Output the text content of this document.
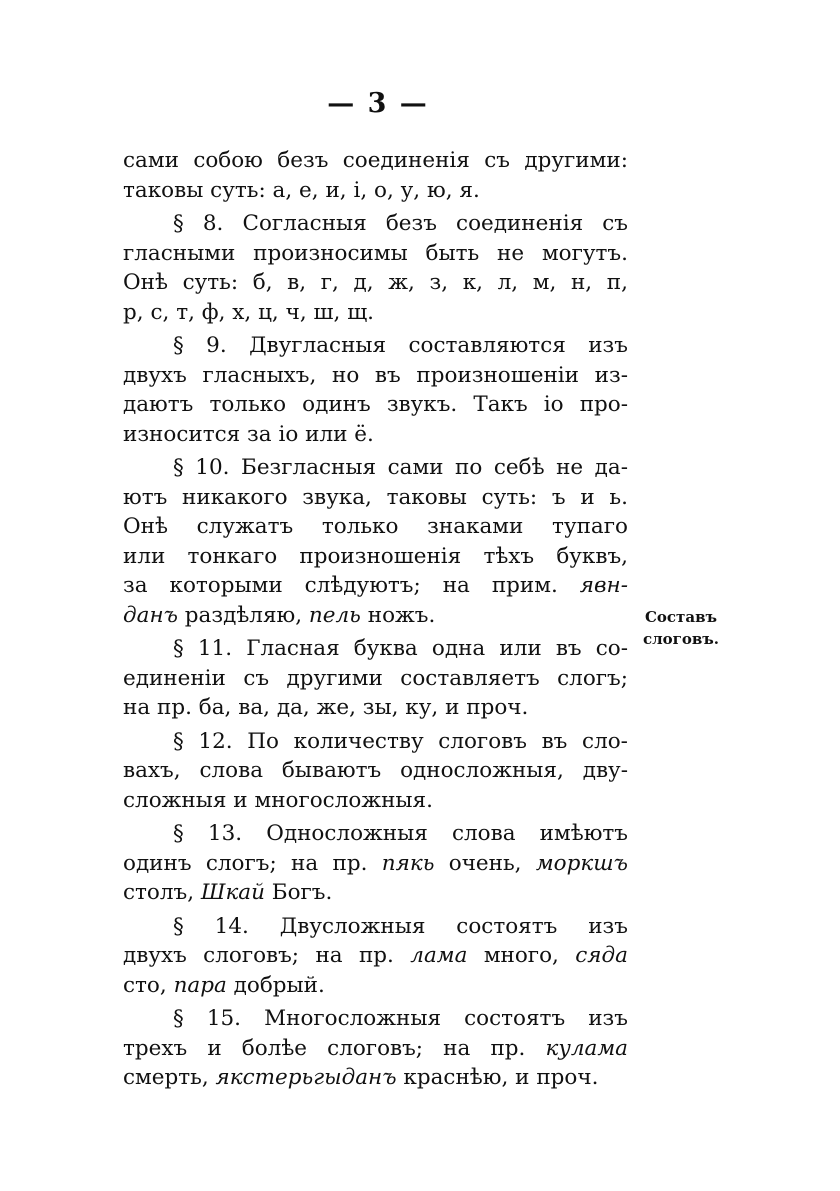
— 3 —
сами собою безъ соединенія съ другими:
таковы
суть:
а,
е,
и,
і,
о,
у,
ю,
я.
§ 8. Согласныя безъ соединенія съ
гласными произносимы быть не могутъ.
Онѣ суть: б, в, г, д, ж, з, к, л, м, н, п,
р,
с,
т,
ф,
х,
ц,
ч,
ш,
щ.
§ 9. Двугласныя составляются изъ
двухъ гласныхъ, но въ произношеніи из-
даютъ только одинъ звукъ. Такъ іо про-
износится
за
іо
или
ё.
§ 10. Безгласныя сами по себѣ не да-
ютъ никакого звука, таковы суть: ъ и ь.
Онѣ служатъ только знаками тупаго
или тонкаго произношенія тѣхъ буквъ,
за которыми слѣдуютъ; на прим. явн-
данъ
раздѣляю,
пель
ножъ.
§ 11. Гласная буква одна или въ со-
единеніи съ другими составляетъ слогъ;
на
пр.
ба,
ва,
да,
же,
зы,
ку,
и
проч.
§ 12. По количеству слоговъ въ сло-
вахъ, слова бываютъ односложныя, дву-
сложныя
и
многосложныя.
§ 13. Односложныя слова имѣютъ
одинъ слогъ; на пр. пякь очень, моркшъ
столъ,
Шкай
Богъ.
§ 14. Двусложныя состоятъ изъ
двухъ слоговъ; на пр. лама много, сяда
сто,
пара
добрый.
§ 15. Многосложныя состоятъ изъ
трехъ и болѣе слоговъ; на пр. кулама
смерть,
якстерьгыданъ
краснѣю,
и
проч.
Составъ
слоговъ.
